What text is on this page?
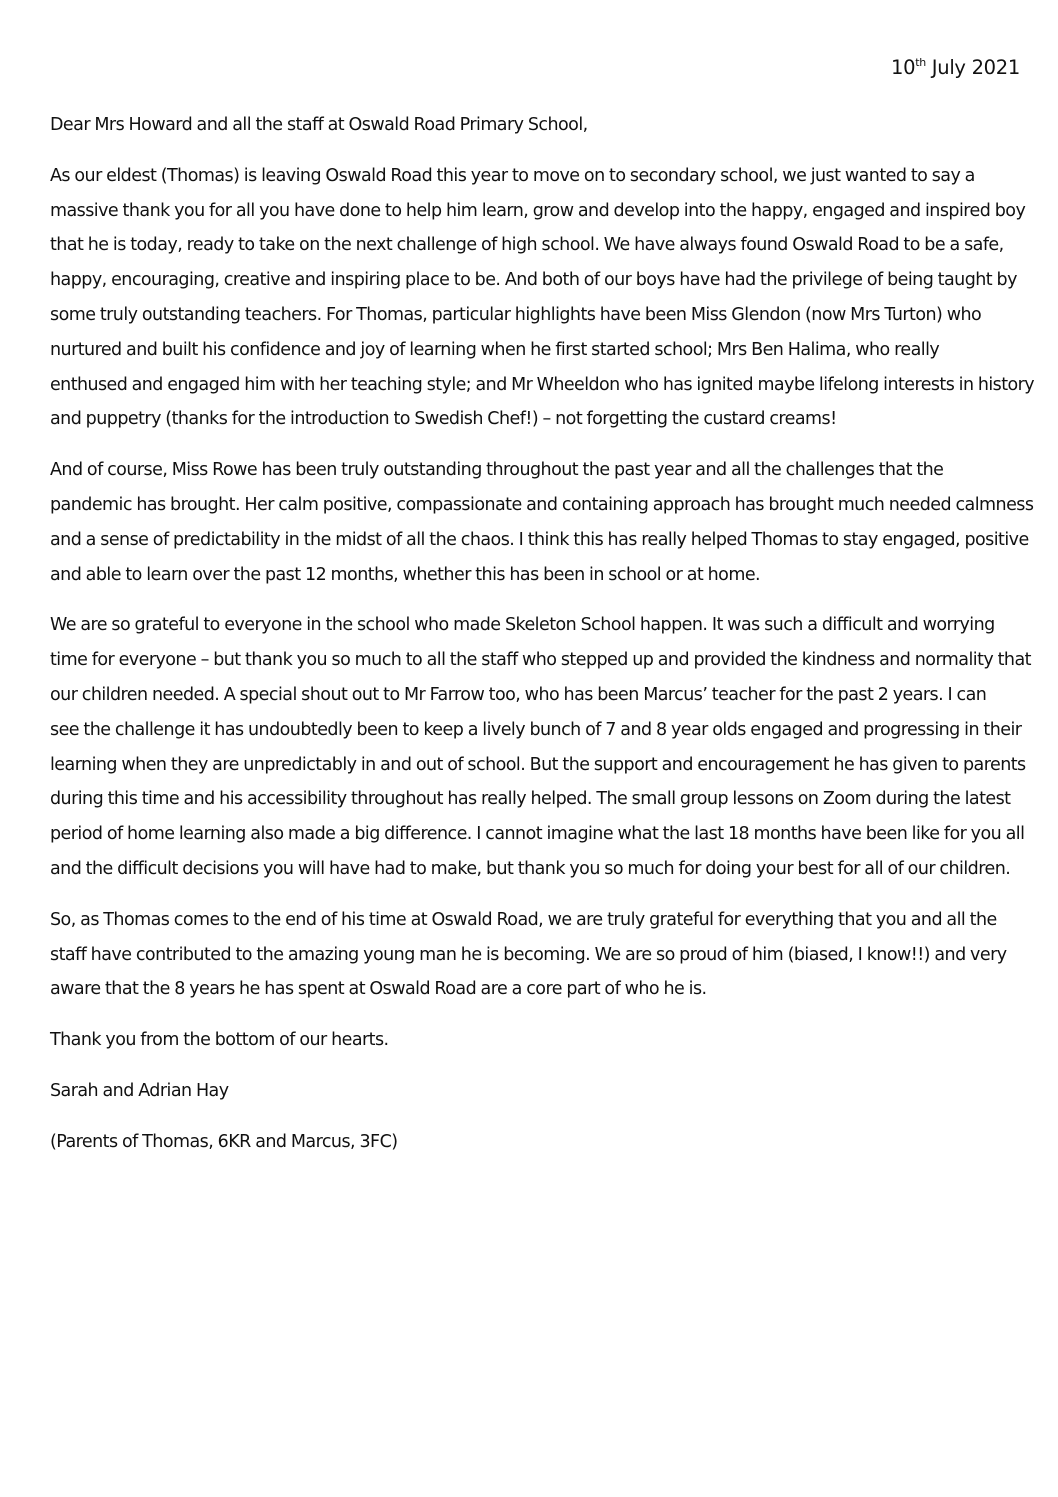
10th July 2021

Dear Mrs Howard and all the staff at Oswald Road Primary School,

As our eldest (Thomas) is leaving Oswald Road this year to move on to secondary school, we just wanted to say a
massive thank you for all you have done to help him learn, grow and develop into the happy, engaged and inspired boy
that he is today, ready to take on the next challenge of high school. We have always found Oswald Road to be a safe,
happy, encouraging, creative and inspiring place to be. And both of our boys have had the privilege of being taught by
some truly outstanding teachers. For Thomas, particular highlights have been Miss Glendon (now Mrs Turton) who
nurtured and built his confidence and joy of learning when he first started school; Mrs Ben Halima, who really
enthused and engaged him with her teaching style; and Mr Wheeldon who has ignited maybe lifelong interests in history
and puppetry (thanks for the introduction to Swedish Chef!) – not forgetting the custard creams!

And of course, Miss Rowe has been truly outstanding throughout the past year and all the challenges that the
pandemic has brought. Her calm positive, compassionate and containing approach has brought much needed calmness
and a sense of predictability in the midst of all the chaos. I think this has really helped Thomas to stay engaged, positive
and able to learn over the past 12 months, whether this has been in school or at home.

We are so grateful to everyone in the school who made Skeleton School happen. It was such a difficult and worrying
time for everyone – but thank you so much to all the staff who stepped up and provided the kindness and normality that
our children needed. A special shout out to Mr Farrow too, who has been Marcus’ teacher for the past 2 years. I can
see the challenge it has undoubtedly been to keep a lively bunch of 7 and 8 year olds engaged and progressing in their
learning when they are unpredictably in and out of school. But the support and encouragement he has given to parents
during this time and his accessibility throughout has really helped. The small group lessons on Zoom during the latest
period of home learning also made a big difference. I cannot imagine what the last 18 months have been like for you all
and the difficult decisions you will have had to make, but thank you so much for doing your best for all of our children.

So, as Thomas comes to the end of his time at Oswald Road, we are truly grateful for everything that you and all the
staff have contributed to the amazing young man he is becoming. We are so proud of him (biased, I know!!) and very
aware that the 8 years he has spent at Oswald Road are a core part of who he is.

Thank you from the bottom of our hearts.

Sarah and Adrian Hay

(Parents of Thomas, 6KR and Marcus, 3FC)
